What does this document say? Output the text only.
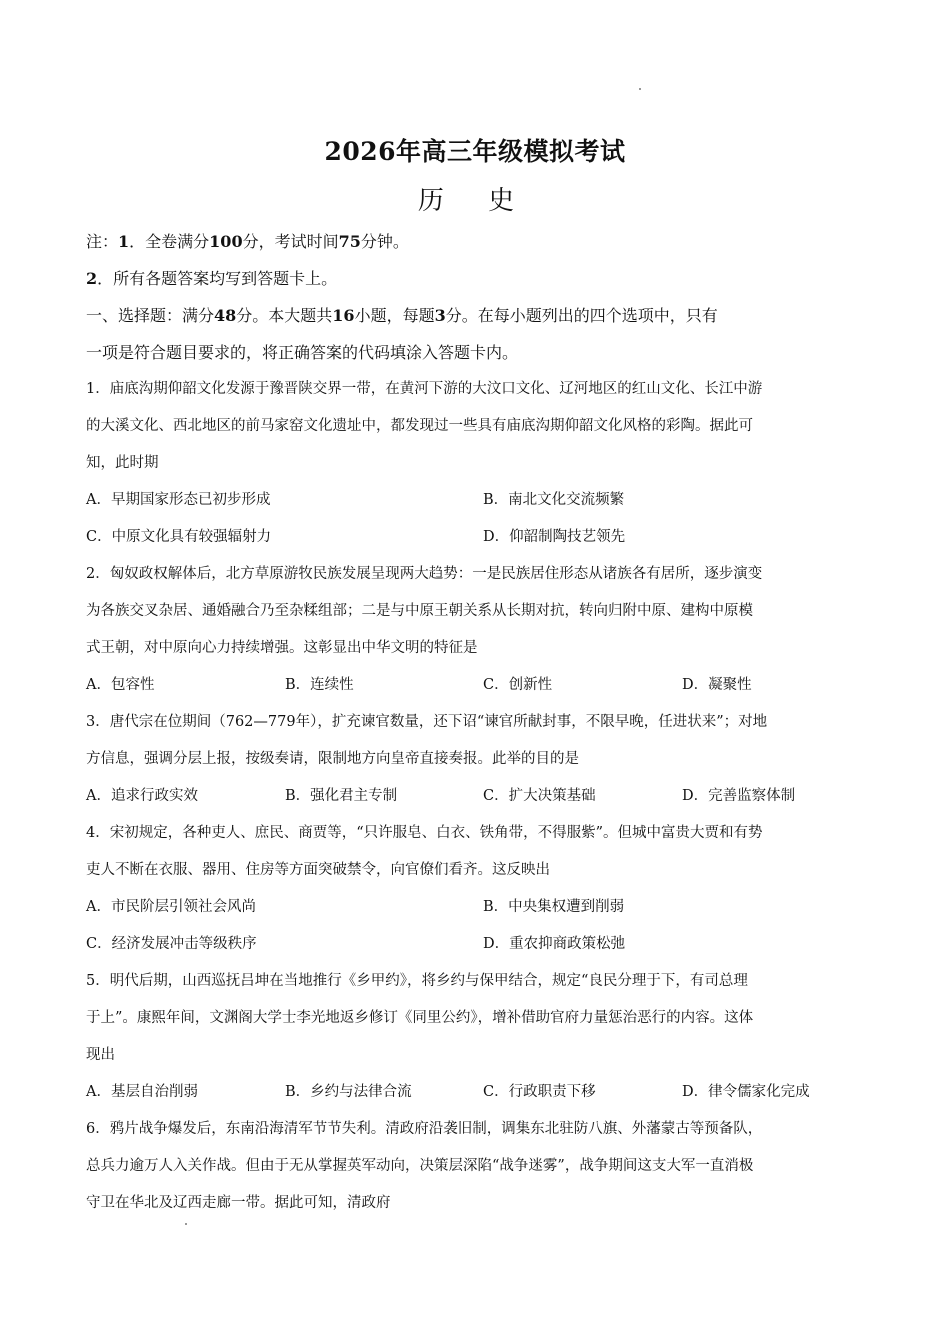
2026年高三年级模拟考试
历 史
注：1．全卷满分100分，考试时间75分钟。
2．所有各题答案均写到答题卡上。
一、选择题：满分48分。本大题共16小题，每题3分。在每小题列出的四个选项中，只有
一项是符合题目要求的，将正确答案的代码填涂入答题卡内。
1．庙底沟期仰韶文化发源于豫晋陕交界一带，在黄河下游的大汶口文化、辽河地区的红山文化、长江中游
的大溪文化、西北地区的前马家窑文化遗址中，都发现过一些具有庙底沟期仰韶文化风格的彩陶。据此可
知，此时期
A．早期国家形态已初步形成	B．南北文化交流频繁
C．中原文化具有较强辐射力	D．仰韶制陶技艺领先
2．匈奴政权解体后，北方草原游牧民族发展呈现两大趋势：一是民族居住形态从诸族各有居所，逐步演变
为各族交叉杂居、通婚融合乃至杂糅组部；二是与中原王朝关系从长期对抗，转向归附中原、建构中原模
式王朝，对中原向心力持续增强。这彰显出中华文明的特征是
A．包容性	B．连续性	C．创新性	D．凝聚性
3．唐代宗在位期间（762—779年），扩充谏官数量，还下诏“谏官所献封事，不限早晚，任进状来”；对地
方信息，强调分层上报，按级奏请，限制地方向皇帝直接奏报。此举的目的是
A．追求行政实效	B．强化君主专制	C．扩大决策基础	D．完善监察体制
4．宋初规定，各种吏人、庶民、商贾等，“只许服皂、白衣、铁角带，不得服紫”。但城中富贵大贾和有势
吏人不断在衣服、器用、住房等方面突破禁令，向官僚们看齐。这反映出
A．市民阶层引领社会风尚	B．中央集权遭到削弱
C．经济发展冲击等级秩序	D．重农抑商政策松弛
5．明代后期，山西巡抚吕坤在当地推行《乡甲约》，将乡约与保甲结合，规定“良民分理于下，有司总理
于上”。康熙年间，文渊阁大学士李光地返乡修订《同里公约》，增补借助官府力量惩治恶行的内容。这体
现出
A．基层自治削弱	B．乡约与法律合流	C．行政职责下移	D．律令儒家化完成
6．鸦片战争爆发后，东南沿海清军节节失利。清政府沿袭旧制，调集东北驻防八旗、外藩蒙古等预备队，
总兵力逾万人入关作战。但由于无从掌握英军动向，决策层深陷“战争迷雾”，战争期间这支大军一直消极
守卫在华北及辽西走廊一带。据此可知，清政府
